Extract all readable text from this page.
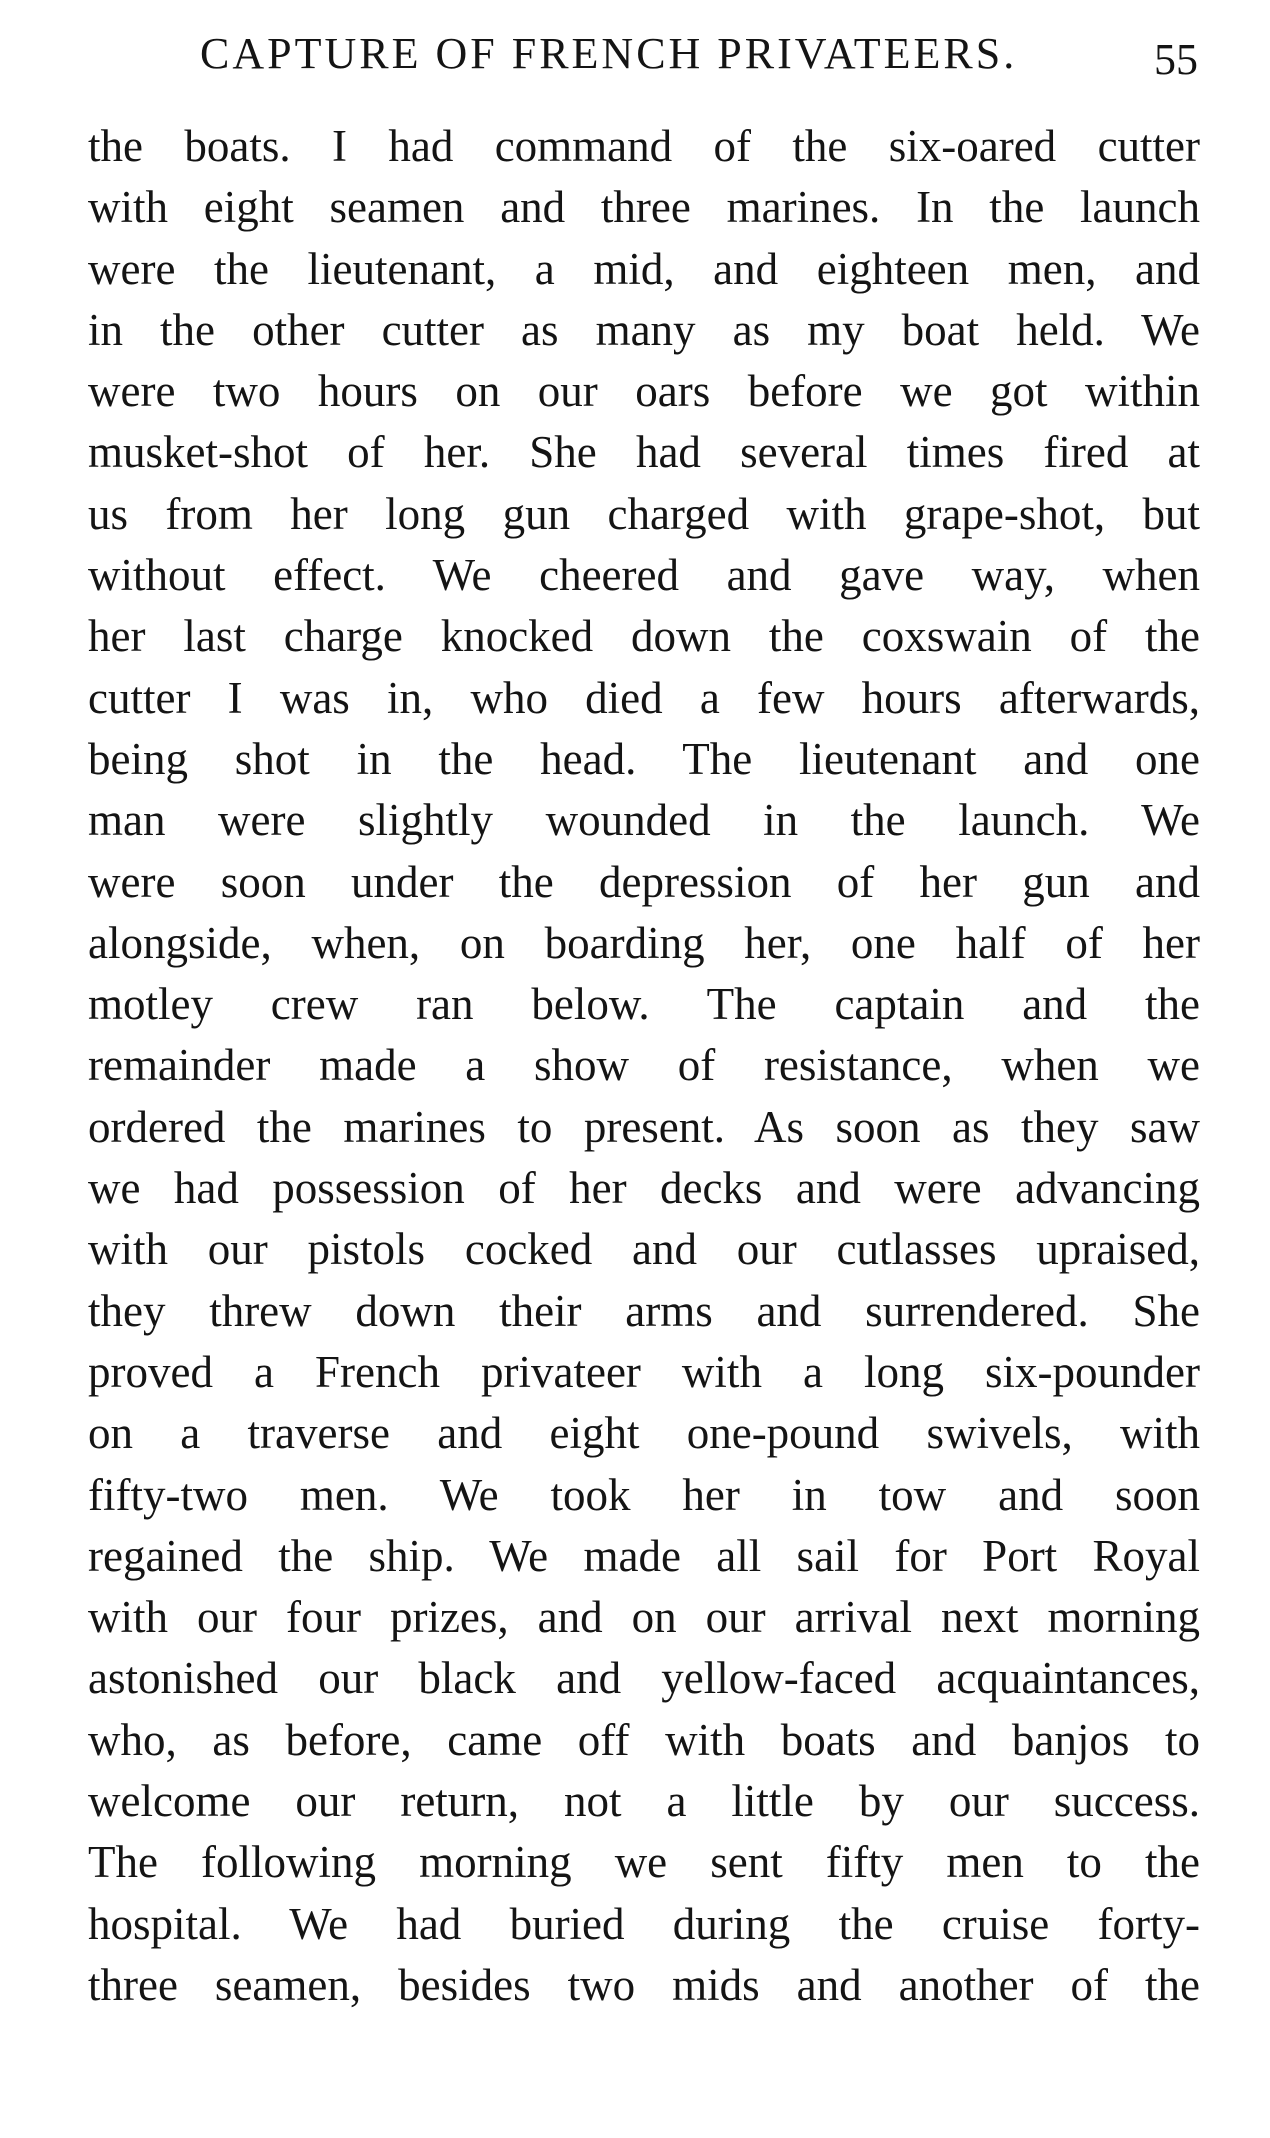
CAPTURE OF FRENCH PRIVATEERS.	55
the boats. I had command of the six-oared cutter
with eight seamen and three marines. In the launch
were the lieutenant, a mid, and eighteen men, and
in the other cutter as many as my boat held. We
were two hours on our oars before we got within
musket-shot of her. She had several times fired at
us from her long gun charged with grape-shot, but
without effect. We cheered and gave way, when
her last charge knocked down the coxswain of the
cutter I was in, who died a few hours afterwards,
being shot in the head. The lieutenant and one
man were slightly wounded in the launch. We
were soon under the depression of her gun and
alongside, when, on boarding her, one half of her
motley crew ran below. The captain and the
remainder made a show of resistance, when we
ordered the marines to present. As soon as they saw
we had possession of her decks and were advancing
with our pistols cocked and our cutlasses upraised,
they threw down their arms and surrendered. She
proved a French privateer with a long six-pounder
on a traverse and eight one-pound swivels, with
fifty-two men. We took her in tow and soon
regained the ship. We made all sail for Port Royal
with our four prizes, and on our arrival next morning
astonished our black and yellow-faced acquaintances,
who, as before, came off with boats and banjos to
welcome our return, not a little by our success.
The following morning we sent fifty men to the
hospital. We had buried during the cruise forty-
three seamen, besides two mids and another of the
